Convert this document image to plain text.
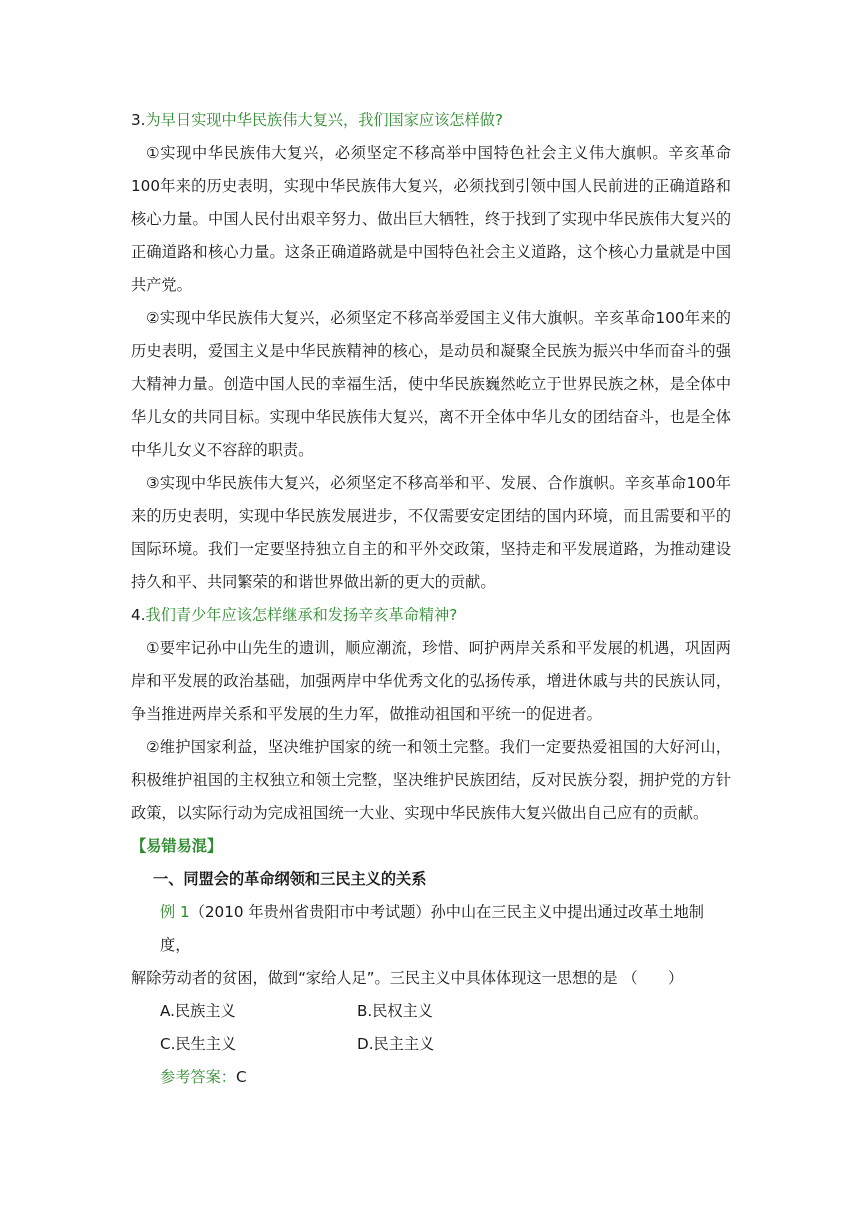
3.为早日实现中华民族伟大复兴，我们国家应该怎样做?

①实现中华民族伟大复兴，必须坚定不移高举中国特色社会主义伟大旗帜。辛亥革命100年来的历史表明，实现中华民族伟大复兴，必须找到引领中国人民前进的正确道路和核心力量。中国人民付出艰辛努力、做出巨大牺牲，终于找到了实现中华民族伟大复兴的正确道路和核心力量。这条正确道路就是中国特色社会主义道路，这个核心力量就是中国共产党。

②实现中华民族伟大复兴，必须坚定不移高举爱国主义伟大旗帜。辛亥革命100年来的历史表明，爱国主义是中华民族精神的核心，是动员和凝聚全民族为振兴中华而奋斗的强大精神力量。创造中国人民的幸福生活，使中华民族巍然屹立于世界民族之林，是全体中华儿女的共同目标。实现中华民族伟大复兴，离不开全体中华儿女的团结奋斗，也是全体中华儿女义不容辞的职责。

③实现中华民族伟大复兴，必须坚定不移高举和平、发展、合作旗帜。辛亥革命100年来的历史表明，实现中华民族发展进步，不仅需要安定团结的国内环境，而且需要和平的国际环境。我们一定要坚持独立自主的和平外交政策，坚持走和平发展道路，为推动建设持久和平、共同繁荣的和谐世界做出新的更大的贡献。

4.我们青少年应该怎样继承和发扬辛亥革命精神?

①要牢记孙中山先生的遗训，顺应潮流，珍惜、呵护两岸关系和平发展的机遇，巩固两岸和平发展的政治基础，加强两岸中华优秀文化的弘扬传承，增进休戚与共的民族认同，争当推进两岸关系和平发展的生力军，做推动祖国和平统一的促进者。

②维护国家利益，坚决维护国家的统一和领土完整。我们一定要热爱祖国的大好河山，积极维护祖国的主权独立和领土完整，坚决维护民族团结，反对民族分裂，拥护党的方针政策，以实际行动为完成祖国统一大业、实现中华民族伟大复兴做出自己应有的贡献。

【易错易混】

一、同盟会的革命纲领和三民主义的关系

例 1（2010 年贵州省贵阳市中考试题）孙中山在三民主义中提出通过改革土地制度，

解除劳动者的贫困，做到“家给人足”。三民主义中具体体现这一思想的是 （　　）

A.民族主义	B.民权主义

C.民生主义	D.民主主义

参考答案：C
